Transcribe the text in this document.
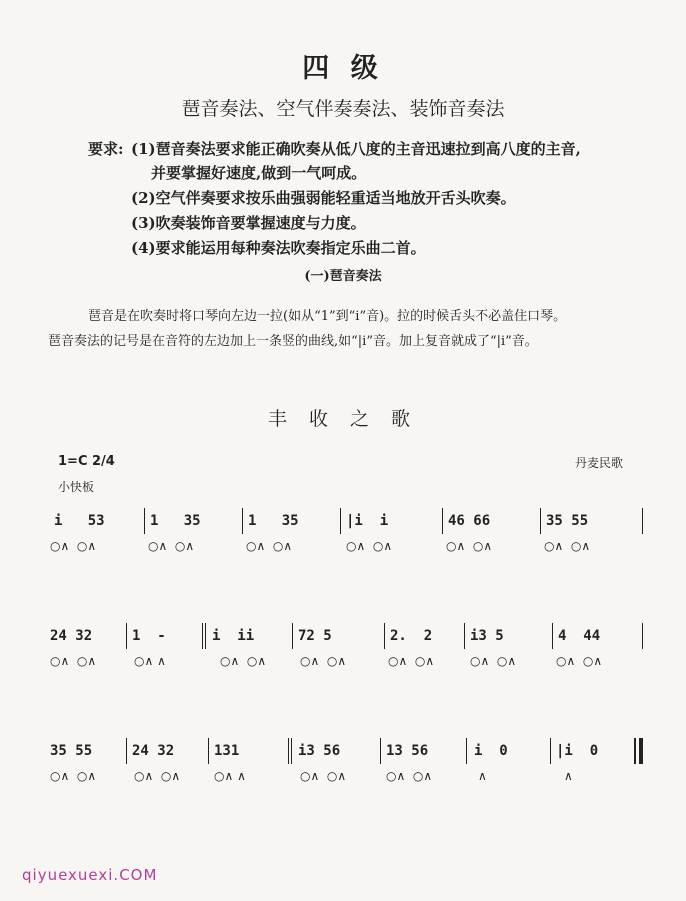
四 级
琶音奏法、空气伴奏奏法、装饰音奏法
要求: (1)琶音奏法要求能正确吹奏从低八度的主音迅速拉到高八度的主音,
并要掌握好速度,做到一气呵成。
(2)空气伴奏要求按乐曲强弱能轻重适当地放开舌头吹奏。
(3)吹奏装饰音要掌握速度与力度。
(4)要求能运用每种奏法吹奏指定乐曲二首。
(一)琶音奏法
琶音是在吹奏时将口琴向左边一拉(如从“1”到“i”音)。拉的时候舌头不必盖住口琴。
琶音奏法的记号是在音符的左边加上一条竖的曲线,如“|i”音。加上复音就成了“|i”音。
丰 收 之 歌
1=C 2/4
小快板
丹麦民歌
i   53	1   35	1   35	|i  i	46 66	35 55
○∧  ○∧	○∧  ○∧	○∧  ○∧	○∧  ○∧	○∧  ○∧	○∧  ○∧
24 32	1  -	i  ii	72 5	2.  2	i3 5	4  44
○∧  ○∧	○∧ ∧	○∧  ○∧	○∧  ○∧	○∧  ○∧	○∧  ○∧	○∧  ○∧
35 55	24 32	131	i3 56	13 56	i  0	|i  0
○∧  ○∧	○∧  ○∧	○∧ ∧	○∧  ○∧	○∧  ○∧	∧	∧
qiyuexuexi.COM
